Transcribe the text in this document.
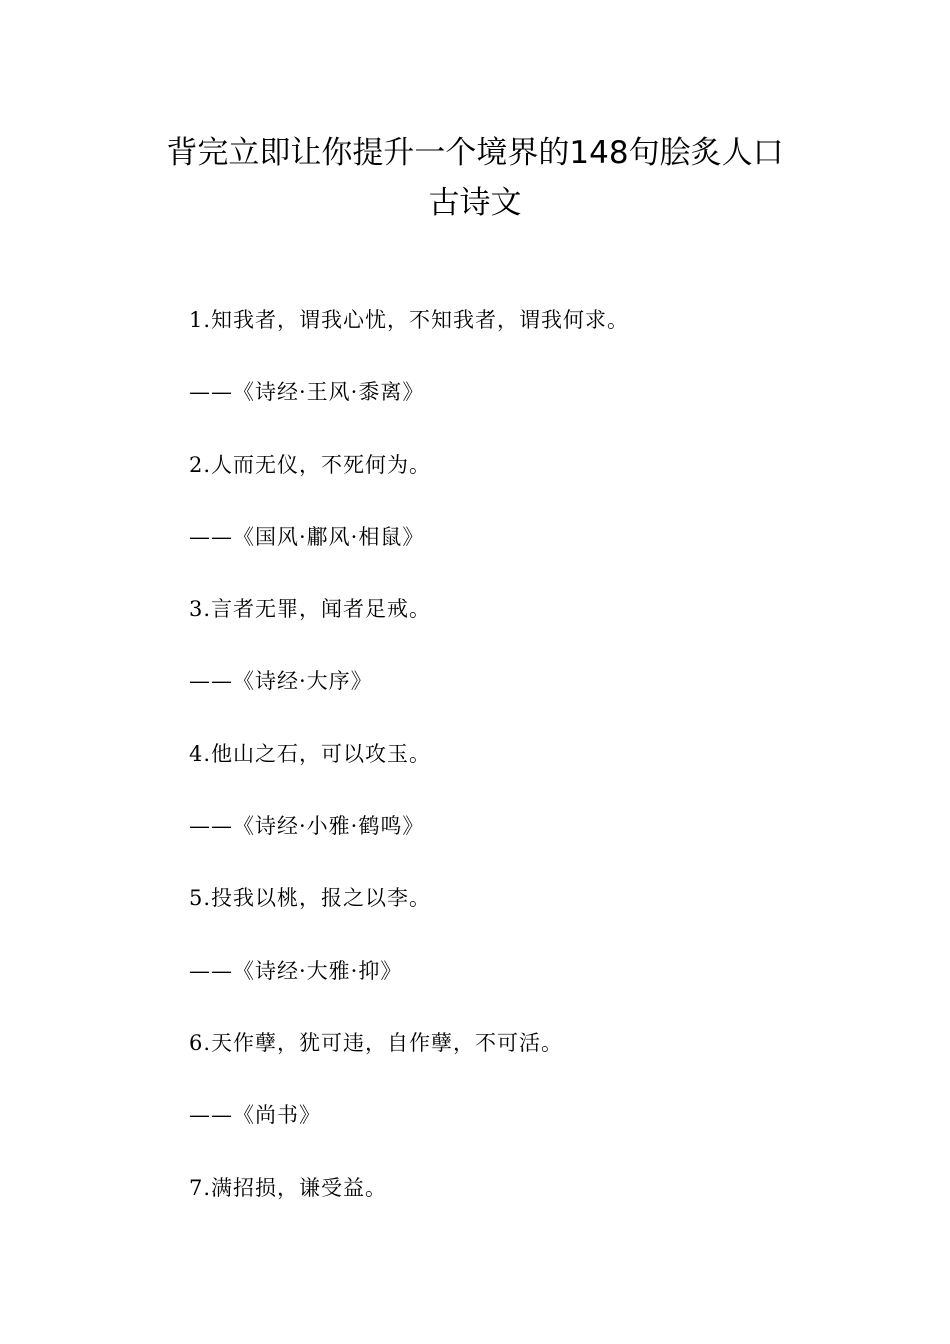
背完立即让你提升一个境界的148句脍炙人口
古诗文
1.知我者，谓我心忧，不知我者，谓我何求。
——《诗经·王风·黍离》
2.人而无仪，不死何为。
——《国风·鄘风·相鼠》
3.言者无罪，闻者足戒。
——《诗经·大序》
4.他山之石，可以攻玉。
——《诗经·小雅·鹤鸣》
5.投我以桃，报之以李。
——《诗经·大雅·抑》
6.天作孽，犹可违，自作孽，不可活。
——《尚书》
7.满招损，谦受益。
